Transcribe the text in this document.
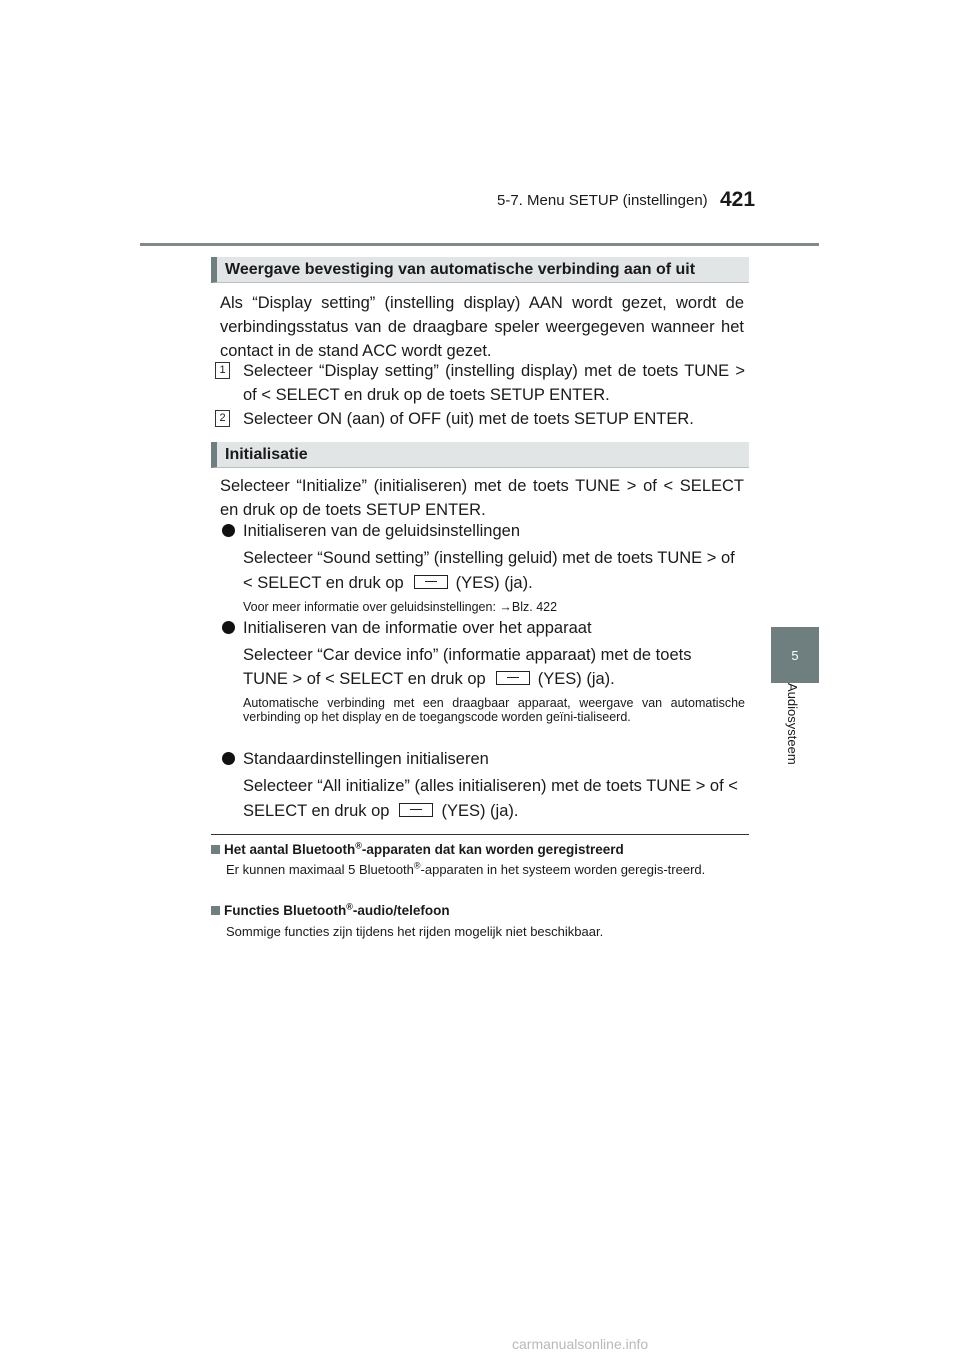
5-7. Menu SETUP (instellingen) 421
5
Audiosysteem
Weergave bevestiging van automatische verbinding aan of uit
Als “Display setting” (instelling display) AAN wordt gezet, wordt de verbindingsstatus van de draagbare speler weergegeven wanneer het contact in de stand ACC wordt gezet.
1 Selecteer “Display setting” (instelling display) met de toets TUNE > of < SELECT en druk op de toets SETUP ENTER.
2 Selecteer ON (aan) of OFF (uit) met de toets SETUP ENTER.
Initialisatie
Selecteer “Initialize” (initialiseren) met de toets TUNE > of < SELECT en druk op de toets SETUP ENTER.
Initialiseren van de geluidsinstellingen
Selecteer “Sound setting” (instelling geluid) met de toets TUNE > of
< SELECT en druk op	(YES) (ja).
Voor meer informatie over geluidsinstellingen: →Blz. 422
Initialiseren van de informatie over het apparaat
Selecteer “Car device info” (informatie apparaat) met de toets
TUNE > of < SELECT en druk op	(YES) (ja).
Automatische verbinding met een draagbaar apparaat, weergave van automatische verbinding op het display en de toegangscode worden geïni-tialiseerd.
Standaardinstellingen initialiseren
Selecteer “All initialize” (alles initialiseren) met de toets TUNE > of <
SELECT en druk op	(YES) (ja).
Het aantal Bluetooth®-apparaten dat kan worden geregistreerd
Er kunnen maximaal 5 Bluetooth®-apparaten in het systeem worden geregis-treerd.
Functies Bluetooth®-audio/telefoon
Sommige functies zijn tijdens het rijden mogelijk niet beschikbaar.
carmanualsonline.info
